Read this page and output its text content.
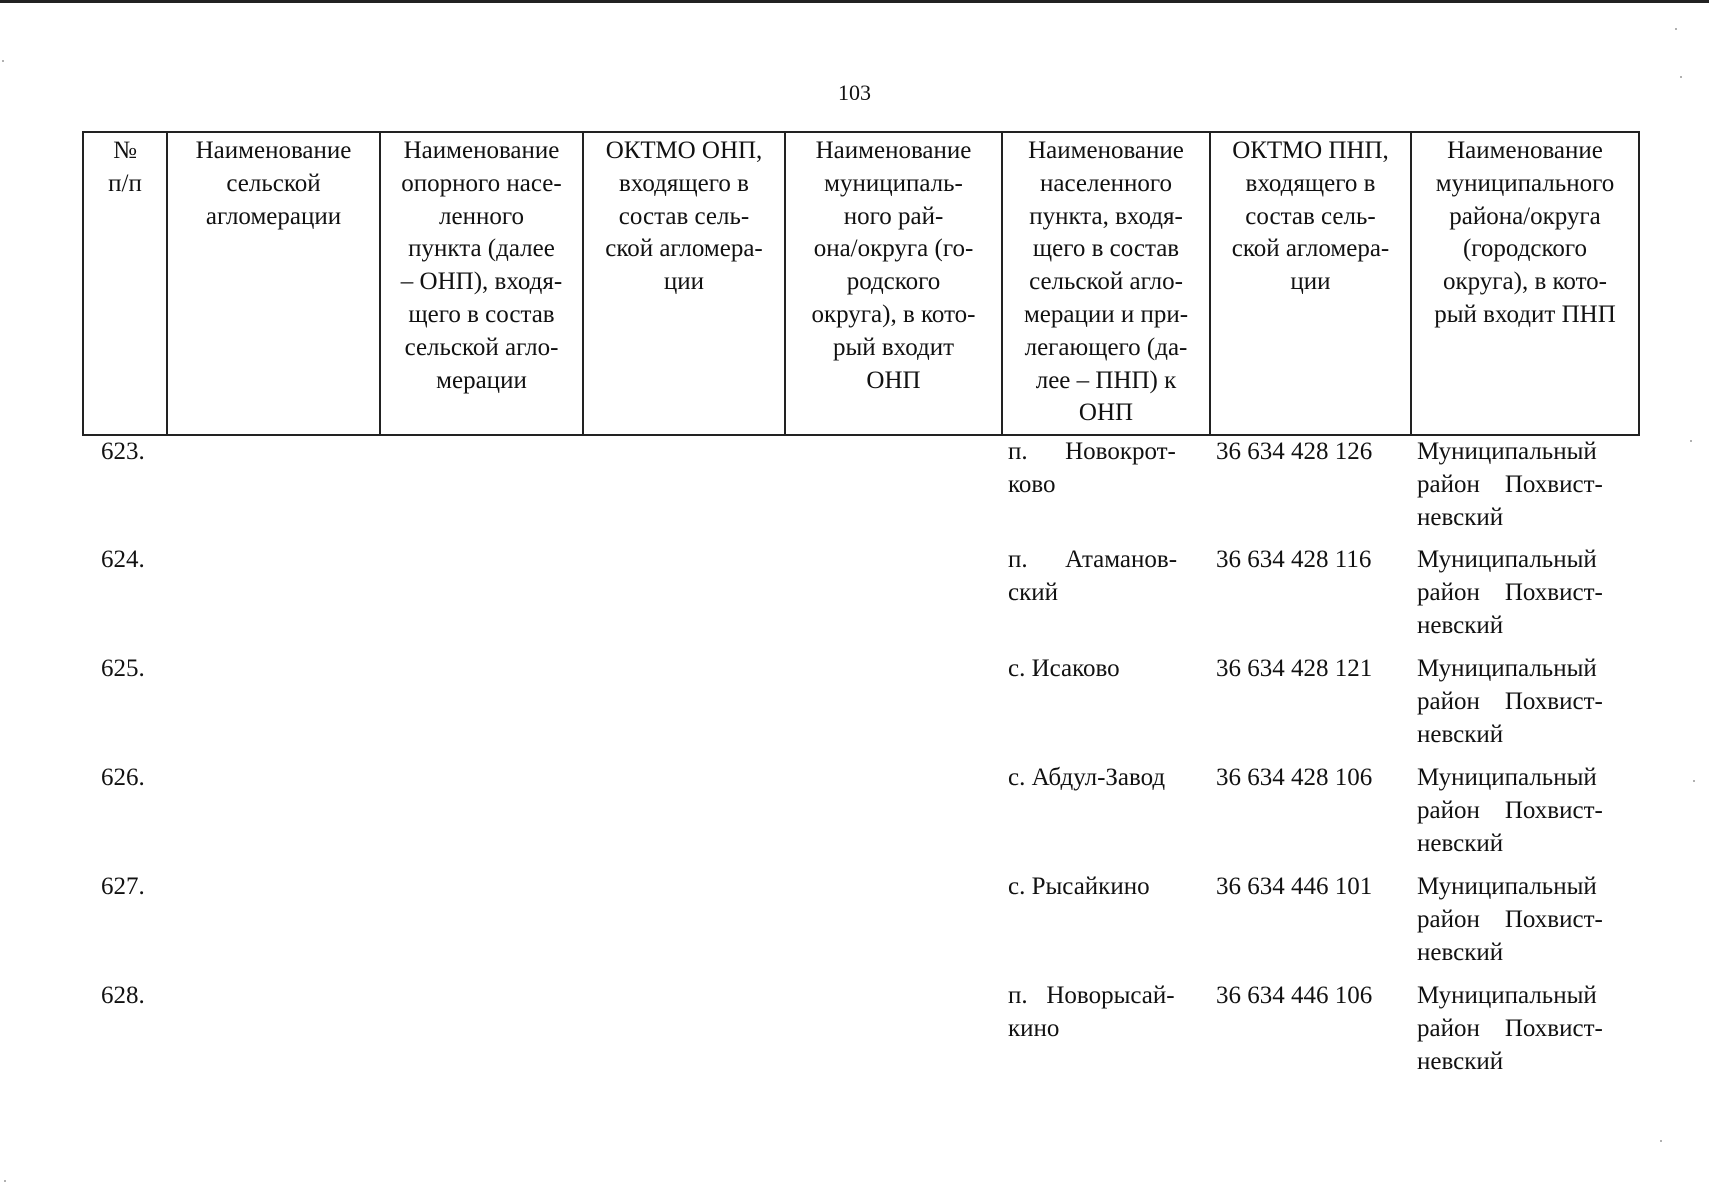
103
№
п/п

Наименование
сельской
агломерации

Наименование
опорного насе-
ленного
пункта (далее
– ОНП), входя-
щего в состав
сельской агло-
мерации

ОКТМО ОНП,
входящего в
состав сель-
ской агломера-
ции

Наименование
муниципаль-
ного рай-
она/округа (го-
родского
округа), в кото-
рый входит
ОНП

Наименование
населенного
пункта, входя-
щего в состав
сельской агло-
мерации и при-
легающего (да-
лее – ПНП) к
ОНП

ОКТМО ПНП,
входящего в
состав сель-
ской агломера-
ции

Наименование
муниципального
района/округа
(городского
округа), в кото-
рый входит ПНП

623.					п.      Новокрот-
ково
	36 634 428 126	Муниципальный
район    Похвист-
невский

624.					п.      Атаманов-
ский
	36 634 428 116	Муниципальный
район    Похвист-
невский

625.					с. Исаково	36 634 428 121	Муниципальный
район    Похвист-
невский

626.					с. Абдул-Завод	36 634 428 106	Муниципальный
район    Похвист-
невский

627.					с. Рысайкино	36 634 446 101	Муниципальный
район    Похвист-
невский

628.					п.   Новорысай-
кино
	36 634 446 106	Муниципальный
район    Похвист-
невский
